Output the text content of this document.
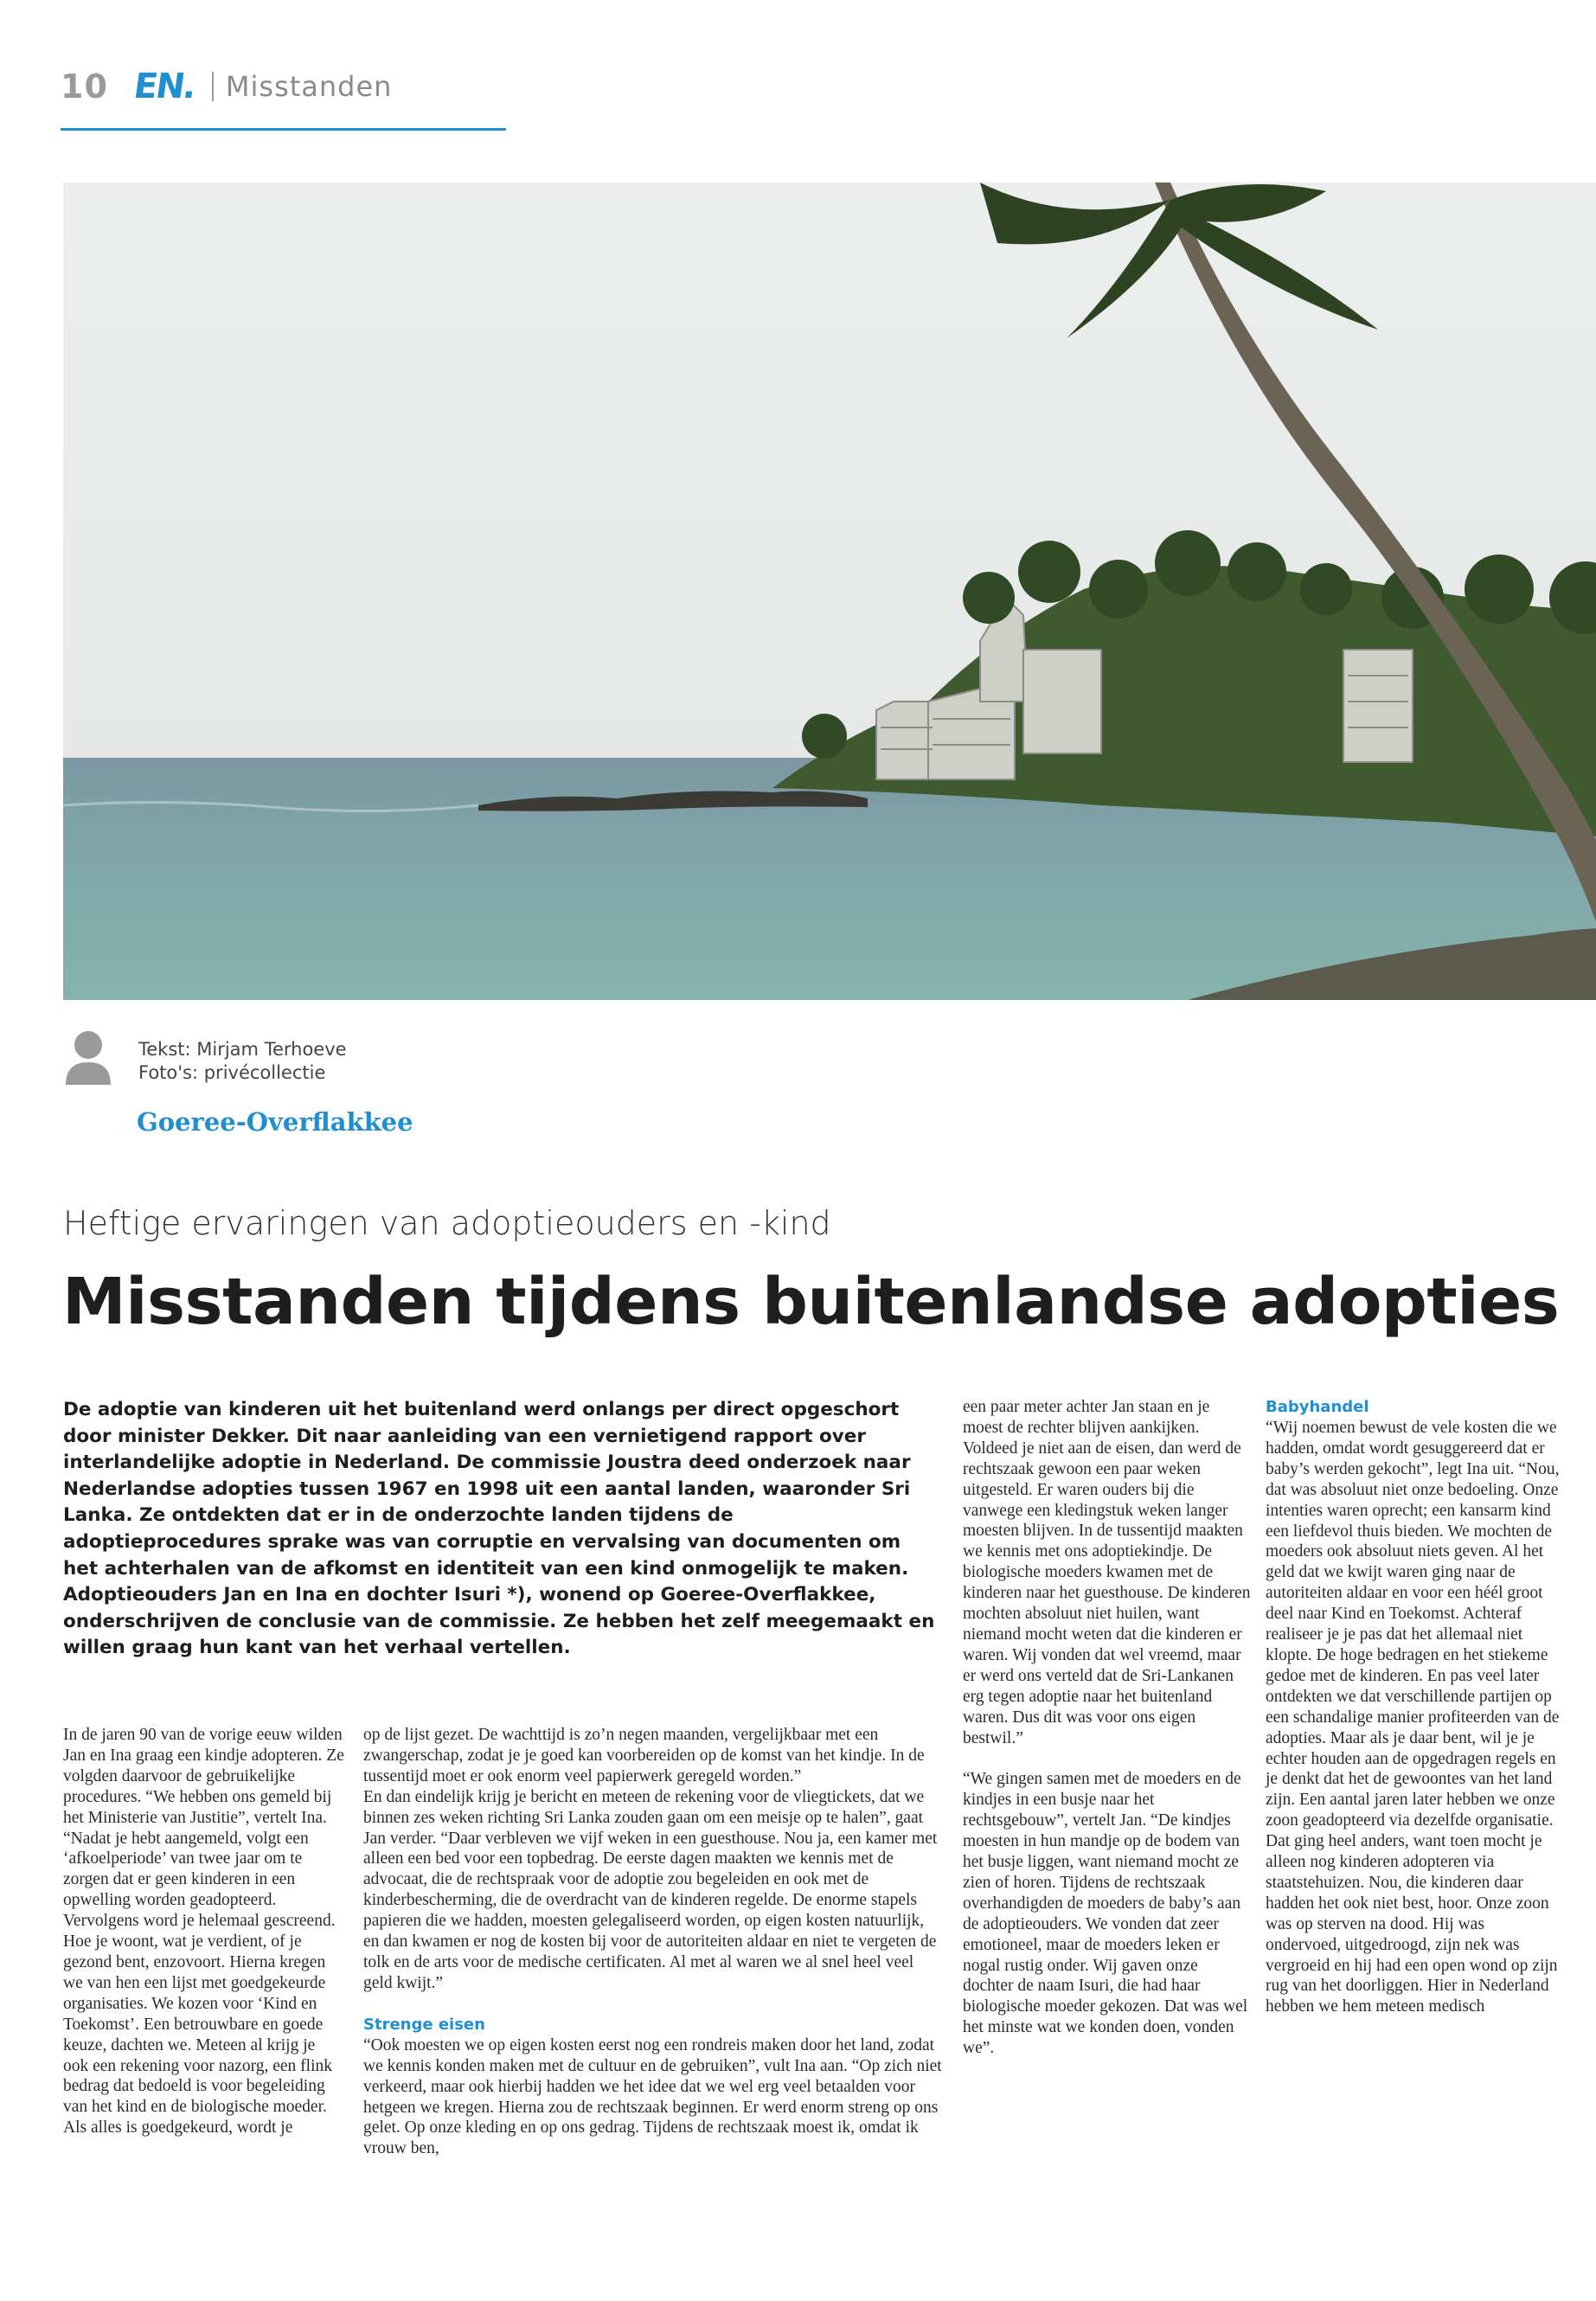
10 EN. Misstanden
Tekst: Mirjam Terhoeve
Foto's: privécollectie
Goeree-Overflakkee
Heftige ervaringen van adoptieouders en -kind
Misstanden tijdens buitenlandse adopties

De adoptie van kinderen uit het buitenland werd onlangs per direct opgeschort door minister Dekker. Dit naar aanleiding van een vernietigend rapport over interlandelijke adoptie in Nederland. De commissie Joustra deed onderzoek naar Nederlandse adopties tussen 1967 en 1998 uit een aantal landen, waaronder Sri Lanka. Ze ontdekten dat er in de onderzochte landen tijdens de adoptieprocedures sprake was van corruptie en vervalsing van documenten om het achterhalen van de afkomst en identiteit van een kind onmogelijk te maken. Adoptieouders Jan en Ina en dochter Isuri *), wonend op Goeree-Overflakkee, onderschrijven de conclusie van de commissie. Ze hebben het zelf meegemaakt en willen graag hun kant van het verhaal vertellen.

In de jaren 90 van de vorige eeuw wilden Jan en Ina graag een kindje adopteren. Ze volgden daarvoor de gebruikelijke procedures. “We hebben ons gemeld bij het Ministerie van Justitie”, vertelt Ina. “Nadat je hebt aangemeld, volgt een ‘afkoelperiode’ van twee jaar om te zorgen dat er geen kinderen in een opwelling worden geadopteerd. Vervolgens word je helemaal gescreend. Hoe je woont, wat je verdient, of je gezond bent, enzovoort. Hierna kregen we van hen een lijst met goedgekeurde organisaties. We kozen voor ‘Kind en Toekomst’. Een betrouwbare en goede keuze, dachten we. Meteen al krijg je ook een rekening voor nazorg, een flink bedrag dat bedoeld is voor begeleiding van het kind en de biologische moeder. Als alles is goedgekeurd, wordt je

op de lijst gezet. De wachttijd is zo’n negen maanden, vergelijkbaar met een zwangerschap, zodat je je goed kan voorbereiden op de komst van het kindje. In de tussentijd moet er ook enorm veel papierwerk geregeld worden.”

En dan eindelijk krijg je bericht en meteen de rekening voor de vliegtickets, dat we binnen zes weken richting Sri Lanka zouden gaan om een meisje op te halen”, gaat Jan verder. “Daar verbleven we vijf weken in een guesthouse. Nou ja, een kamer met alleen een bed voor een topbedrag. De eerste dagen maakten we kennis met de advocaat, die de rechtspraak voor de adoptie zou begeleiden en ook met de kinderbescherming, die de overdracht van de kinderen regelde. De enorme stapels papieren die we hadden, moesten gelegaliseerd worden, op eigen kosten natuurlijk, en dan kwamen er nog de kosten bij voor de autoriteiten aldaar en niet te vergeten de tolk en de arts voor de medische certificaten. Al met al waren we al snel heel veel geld kwijt.”

Strenge eisen

“Ook moesten we op eigen kosten eerst nog een rondreis maken door het land, zodat we kennis konden maken met de cultuur en de gebruiken”, vult Ina aan. “Op zich niet verkeerd, maar ook hierbij hadden we het idee dat we wel erg veel betaalden voor hetgeen we kregen. Hierna zou de rechtszaak beginnen. Er werd enorm streng op ons gelet. Op onze kleding en op ons gedrag. Tijdens de rechtszaak moest ik, omdat ik vrouw ben,

een paar meter achter Jan staan en je moest de rechter blijven aankijken. Voldeed je niet aan de eisen, dan werd de rechtszaak gewoon een paar weken uitgesteld. Er waren ouders bij die vanwege een kledingstuk weken langer moesten blijven. In de tussentijd maakten we kennis met ons adoptiekindje. De biologische moeders kwamen met de kinderen naar het guesthouse. De kinderen mochten absoluut niet huilen, want niemand mocht weten dat die kinderen er waren. Wij vonden dat wel vreemd, maar er werd ons verteld dat de Sri-Lankanen erg tegen adoptie naar het buitenland waren. Dus dit was voor ons eigen bestwil.”

“We gingen samen met de moeders en de kindjes in een busje naar het rechtsgebouw”, vertelt Jan. “De kindjes moesten in hun mandje op de bodem van het busje liggen, want niemand mocht ze zien of horen. Tijdens de rechtszaak overhandigden de moeders de baby’s aan de adoptieouders. We vonden dat zeer emotioneel, maar de moeders leken er nogal rustig onder. Wij gaven onze dochter de naam Isuri, die had haar biologische moeder gekozen. Dat was wel het minste wat we konden doen, vonden we”.

Babyhandel

“Wij noemen bewust de vele kosten die we hadden, omdat wordt gesuggereerd dat er baby’s werden gekocht”, legt Ina uit. “Nou, dat was absoluut niet onze bedoeling. Onze intenties waren oprecht; een kansarm kind een liefdevol thuis bieden. We mochten de moeders ook absoluut niets geven. Al het geld dat we kwijt waren ging naar de autoriteiten aldaar en voor een héél groot deel naar Kind en Toekomst. Achteraf realiseer je je pas dat het allemaal niet klopte. De hoge bedragen en het stiekeme gedoe met de kinderen. En pas veel later ontdekten we dat verschillende partijen op een schandalige manier profiteerden van de adopties. Maar als je daar bent, wil je je echter houden aan de opgedragen regels en je denkt dat het de gewoontes van het land zijn. Een aantal jaren later hebben we onze zoon geadopteerd via dezelfde organisatie. Dat ging heel anders, want toen mocht je alleen nog kinderen adopteren via staatstehuizen. Nou, die kinderen daar hadden het ook niet best, hoor. Onze zoon was op sterven na dood. Hij was ondervoed, uitgedroogd, zijn nek was vergroeid en hij had een open wond op zijn rug van het doorliggen. Hier in Nederland hebben we hem meteen medisch
